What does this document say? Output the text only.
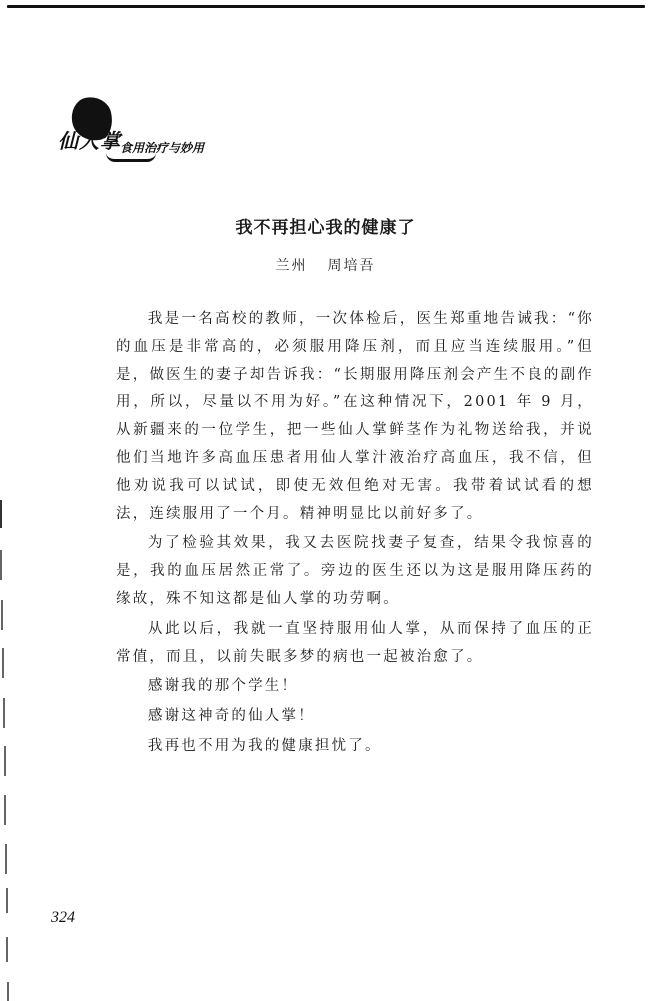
仙人掌 食用治疗与妙用
我不再担心我的健康了
兰州 周培吾

我是一名高校的教师，一次体检后，医生郑重地告诫我：“你的血压是非常高的，必须服用降压剂，而且应当连续服用。”但是，做医生的妻子却告诉我：“长期服用降压剂会产生不良的副作用，所以，尽量以不用为好。”在这种情况下，2001 年 9 月，从新疆来的一位学生，把一些仙人掌鲜茎作为礼物送给我，并说他们当地许多高血压患者用仙人掌汁液治疗高血压，我不信，但他劝说我可以试试，即使无效但绝对无害。我带着试试看的想法，连续服用了一个月。精神明显比以前好多了。

为了检验其效果，我又去医院找妻子复查，结果令我惊喜的是，我的血压居然正常了。旁边的医生还以为这是服用降压药的缘故，殊不知这都是仙人掌的功劳啊。

从此以后，我就一直坚持服用仙人掌，从而保持了血压的正常值，而且，以前失眠多梦的病也一起被治愈了。

感谢我的那个学生！

感谢这神奇的仙人掌！

我再也不用为我的健康担忧了。

324
